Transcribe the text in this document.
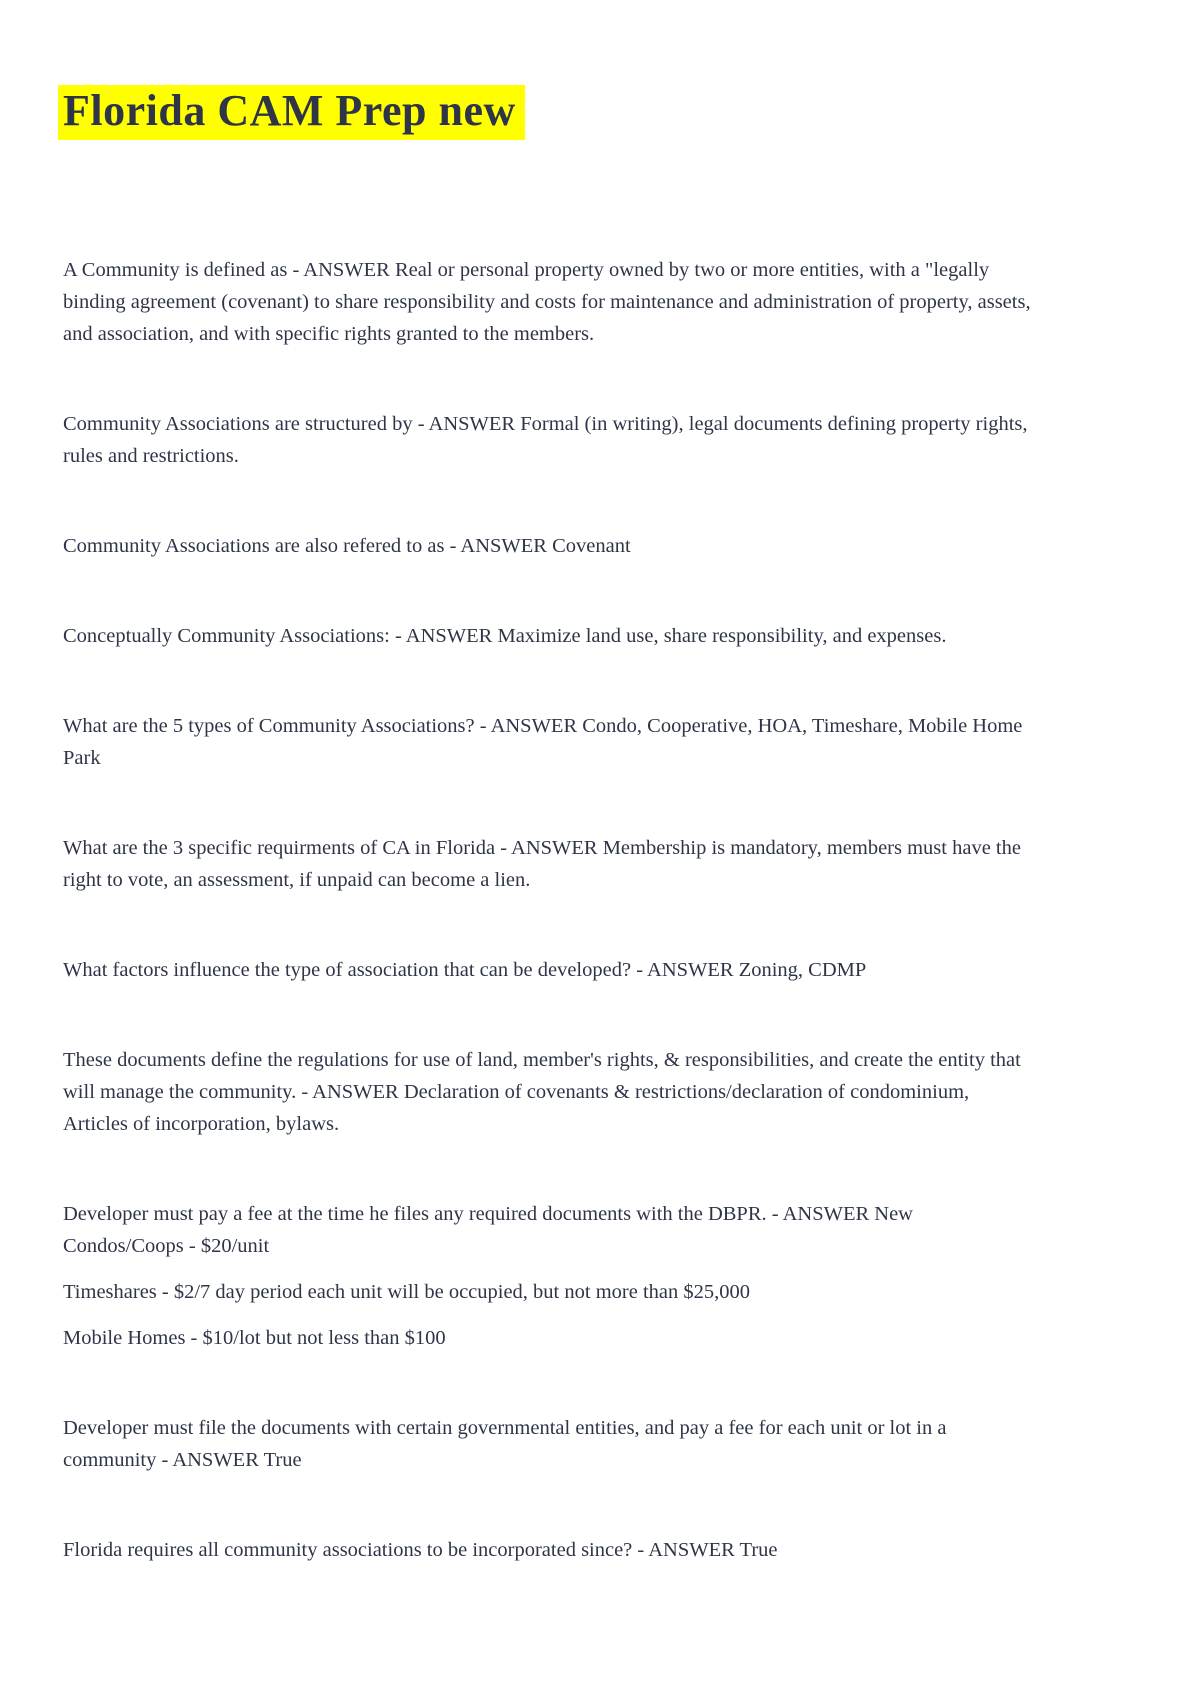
Florida CAM Prep new

A Community is defined as - ANSWER Real or personal property owned by two or more entities, with a "legally binding agreement (covenant) to share responsibility and costs for maintenance and administration of property, assets, and association, and with specific rights granted to the members.

Community Associations are structured by - ANSWER Formal (in writing), legal documents defining property rights, rules and restrictions.

Community Associations are also refered to as - ANSWER Covenant

Conceptually Community Associations: - ANSWER Maximize land use, share responsibility, and expenses.

What are the 5 types of Community Associations? - ANSWER Condo, Cooperative, HOA, Timeshare, Mobile Home Park

What are the 3 specific requirments of CA in Florida - ANSWER Membership is mandatory, members must have the right to vote, an assessment, if unpaid can become a lien.

What factors influence the type of association that can be developed? - ANSWER Zoning, CDMP

These documents define the regulations for use of land, member's rights, & responsibilities, and create the entity that will manage the community. - ANSWER Declaration of covenants & restrictions/declaration of condominium, Articles of incorporation, bylaws.

Developer must pay a fee at the time he files any required documents with the DBPR. - ANSWER New Condos/Coops - $20/unit

Timeshares - $2/7 day period each unit will be occupied, but not more than $25,000

Mobile Homes - $10/lot but not less than $100

Developer must file the documents with certain governmental entities, and pay a fee for each unit or lot in a community - ANSWER True

Florida requires all community associations to be incorporated since? - ANSWER True
